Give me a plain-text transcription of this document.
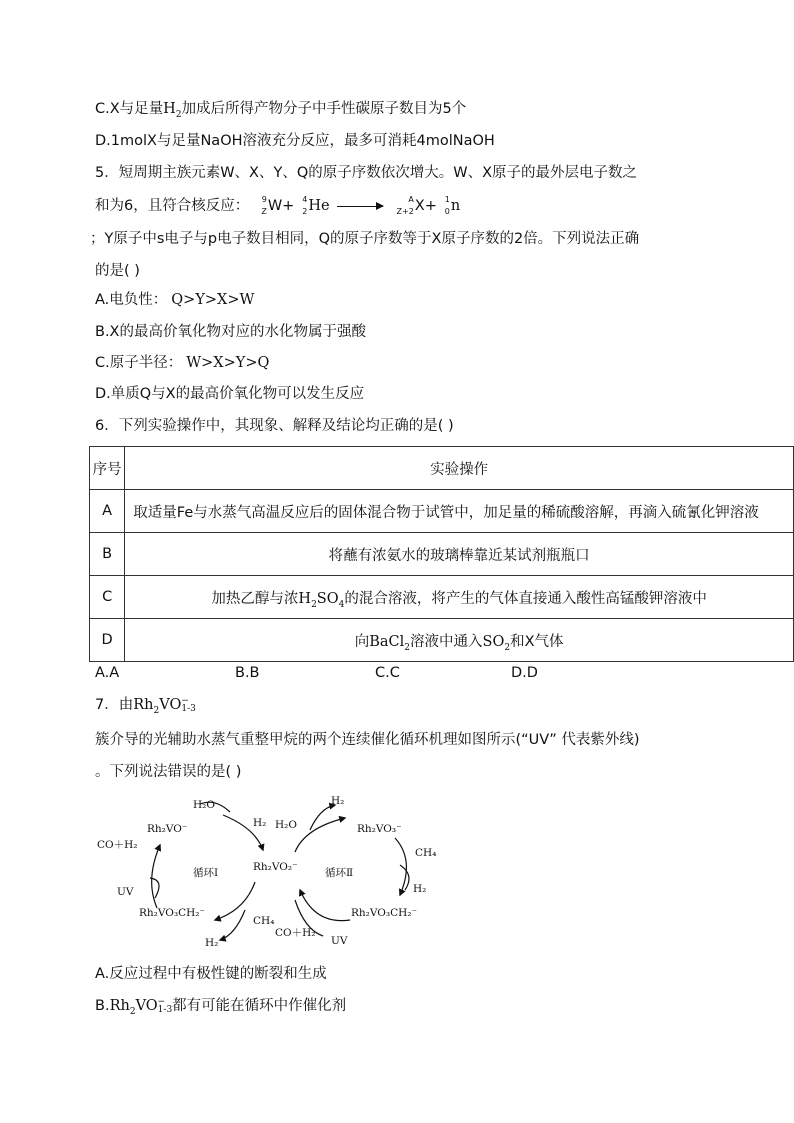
C.X与足量$H_2$加成后所得产物分子中手性碳原子数目为5个
D.1molX与足量NaOH溶液充分反应，最多可消耗4molNaOH
5．短周期主族元素W、X、Y、Q的原子序数依次增大。W、X原子的最外层电子数之
和为6，且符合核反应： 9
Z W+ 4
2 He →
A
Z+2 X+ 1
0 n
；Y原子中s电子与p电子数目相同，Q的原子序数等于X原子序数的2倍。下列说法正确
的是( )
A.电负性： Q>Y>X>W
B.X的最高价氧化物对应的水化物属于强酸
C.原子半径： W>X>Y>Q
D.单质Q与X的最高价氧化物可以发生反应
6．下列实验操作中，其现象、解释及结论均正确的是( )
序号	实验操作
A	取适量Fe与水蒸气高温反应后的固体混合物于试管中，加足量的稀硫酸溶解，再滴入硫氰化钾溶液
B	将蘸有浓氨水的玻璃棒靠近某试剂瓶瓶口
C	加热乙醇与浓$H_2SO_4$的混合溶液，将产生的气体直接通入酸性高锰酸钾溶液中
D	向BaCl$_2$溶液中通入$SO_2$和X气体
A.A	B.B	C.C	D.D
7．由$Rh_2VO$ −
1-3
簇介导的光辅助水蒸气重整甲烷的两个连续催化循环机理如图所示(“UV” 代表紫外线)
。下列说法错误的是( )
H₂O
Rh₂VO⁻	H₂
CO＋H₂
UV
循环Ⅰ	Rh₂VO₂⁻
Rh₂VO₃CH₂⁻
H₂
CH₄
CO＋H₂
UV
H₂
H₂O	Rh₂VO₃⁻
CH₄
H₂
循环Ⅱ
Rh₂VO₃CH₂⁻
A.反应过程中有极性键的断裂和生成
$B.Rh_2VO$ −
1-3 都有可能在循环中作催化剂
